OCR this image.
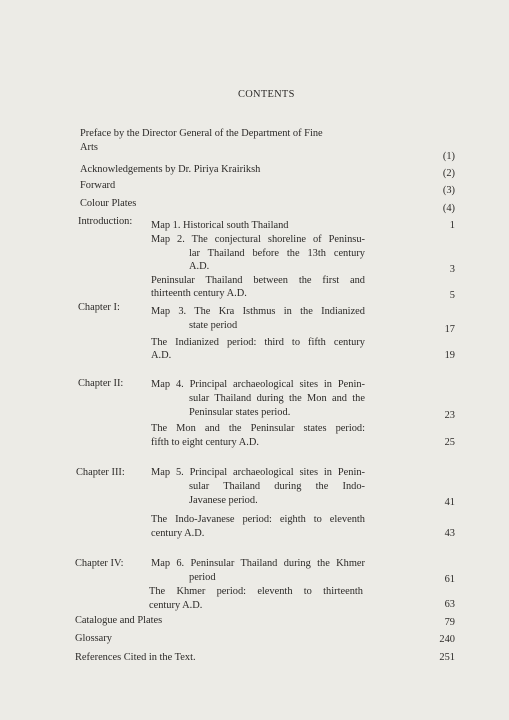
CONTENTS
Preface by the Director General of the Department of Fine
Arts
(1)
Acknowledgements by Dr. Piriya Krairiksh	(2)
Forward	(3)
Colour Plates	(4)
Introduction: Map 1. Historical south Thailand	1
Map 2. The conjectural shoreline of Peninsu-
lar Thailand before the 13th century
A.D.	3
Peninsular Thailand between the first and
thirteenth century A.D.	5
Chapter I:	Map 3. The Kra Isthmus in the Indianized
state period	17
The Indianized period: third to fifth century
A.D.	19
Chapter II:	Map 4. Principal archaeological sites in Penin-
sular Thailand during the Mon and the
Peninsular states period.	23
The Mon and the Peninsular states period:
fifth to eight century A.D.	25
Chapter III:	Map 5. Principal archaeological sites in Penin-
sular Thailand during the Indo-
Javanese period.	41
The Indo-Javanese period: eighth to eleventh
century A.D.	43
Chapter IV:	Map 6. Peninsular Thailand during the Khmer
period	61
The Khmer period: eleventh to thirteenth
century A.D.	63
Catalogue and Plates	79
Glossary	240
References Cited in the Text.	251
